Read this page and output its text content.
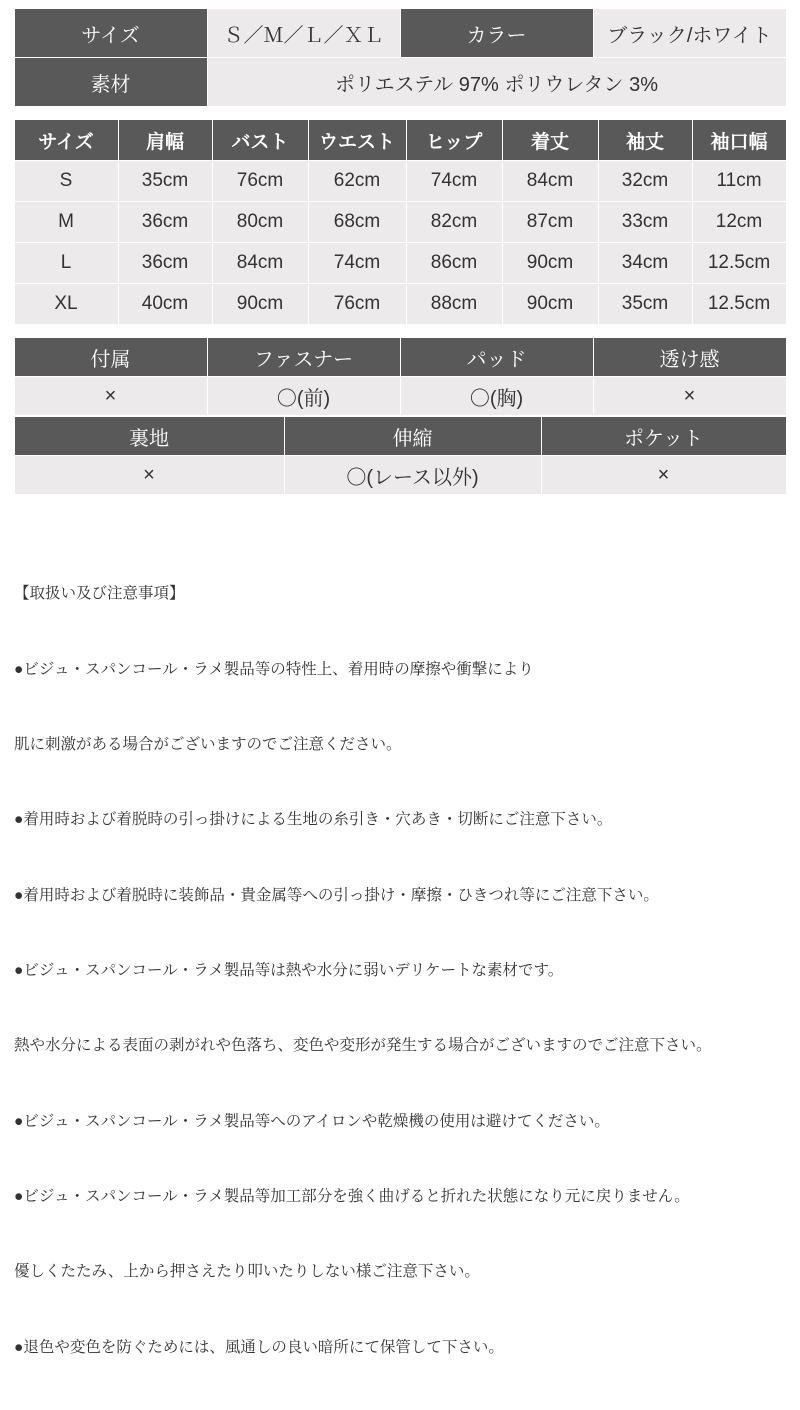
サイズ	Ｓ／Ｍ／Ｌ／ＸＬ	カラー	ブラック/ホワイト
素材	ポリエステル 97% ポリウレタン 3%		
サイズ	肩幅	バスト	ウエスト	ヒップ	着丈	袖丈	袖口幅
S	35cm	76cm	62cm	74cm	84cm	32cm	11cm
M	36cm	80cm	68cm	82cm	87cm	33cm	12cm
L	36cm	84cm	74cm	86cm	90cm	34cm	12.5cm
XL	40cm	90cm	76cm	88cm	90cm	35cm	12.5cm
付属	ファスナー	パッド	透け感
×	〇(前)	〇(胸)	×
裏地	伸縮	ポケット
×	〇(レース以外)	×

【取扱い及び注意事項】

●ビジュ・スパンコール・ラメ製品等の特性上、着用時の摩擦や衝撃により

肌に刺激がある場合がございますのでご注意ください。

●着用時および着脱時の引っ掛けによる生地の糸引き・穴あき・切断にご注意下さい。

●着用時および着脱時に装飾品・貴金属等への引っ掛け・摩擦・ひきつれ等にご注意下さい。

●ビジュ・スパンコール・ラメ製品等は熱や水分に弱いデリケートな素材です。

熱や水分による表面の剥がれや色落ち、変色や変形が発生する場合がございますのでご注意下さい。

●ビジュ・スパンコール・ラメ製品等へのアイロンや乾燥機の使用は避けてください。

●ビジュ・スパンコール・ラメ製品等加工部分を強く曲げると折れた状態になり元に戻りません。

優しくたたみ、上から押さえたり叩いたりしない様ご注意下さい。

●退色や変色を防ぐためには、風通しの良い暗所にて保管して下さい。
